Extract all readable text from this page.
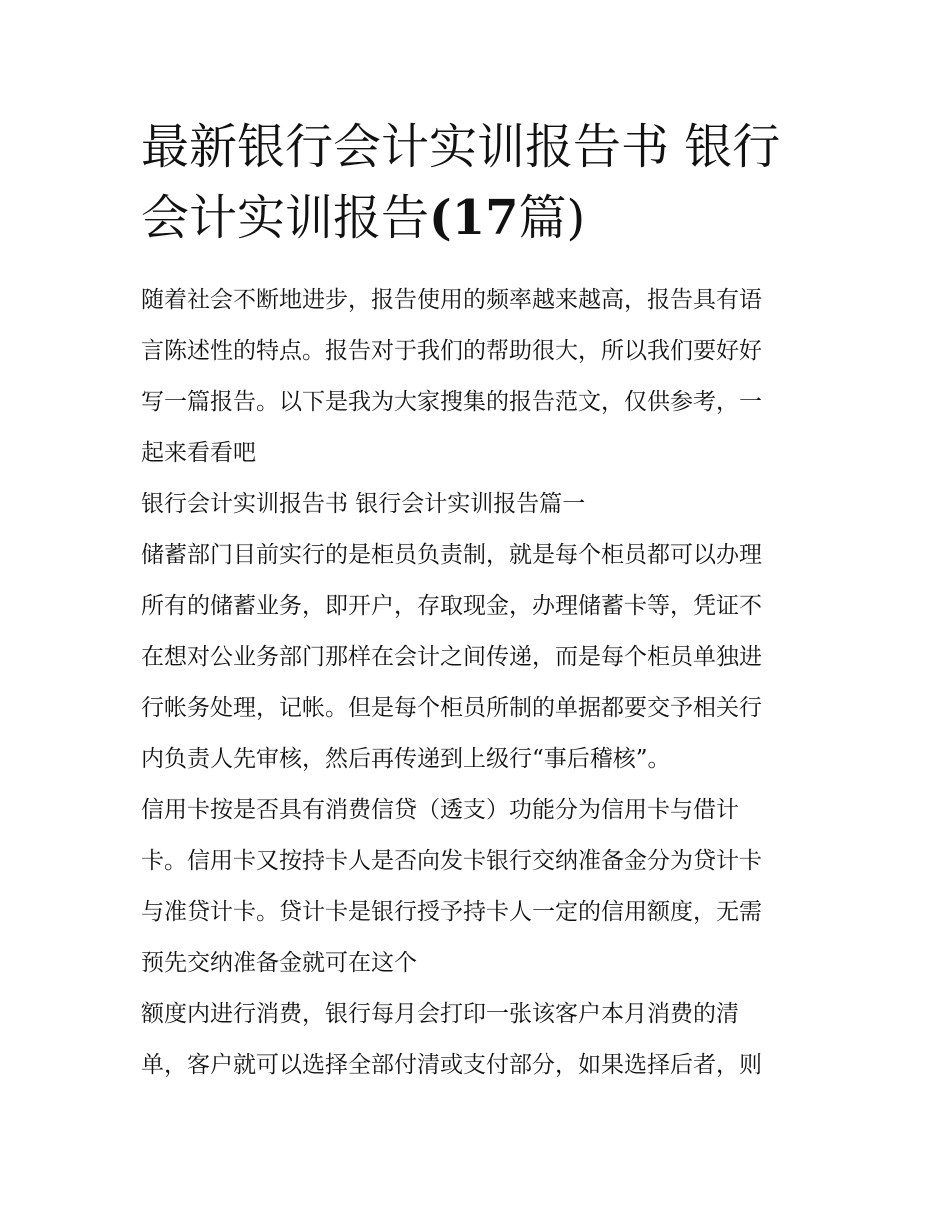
最新银行会计实训报告书 银行会计实训报告(17篇)
随着社会不断地进步，报告使用的频率越来越高，报告具有语
言陈述性的特点。报告对于我们的帮助很大，所以我们要好好
写一篇报告。以下是我为大家搜集的报告范文，仅供参考，一
起来看看吧
银行会计实训报告书 银行会计实训报告篇一
储蓄部门目前实行的是柜员负责制，就是每个柜员都可以办理
所有的储蓄业务，即开户，存取现金，办理储蓄卡等，凭证不
在想对公业务部门那样在会计之间传递，而是每个柜员单独进
行帐务处理，记帐。但是每个柜员所制的单据都要交予相关行
内负责人先审核，然后再传递到上级行“事后稽核”。
信用卡按是否具有消费信贷（透支）功能分为信用卡与借计
卡。信用卡又按持卡人是否向发卡银行交纳准备金分为贷计卡
与准贷计卡。贷计卡是银行授予持卡人一定的信用额度，无需
预先交纳准备金就可在这个
额度内进行消费，银行每月会打印一张该客户本月消费的清
单，客户就可以选择全部付清或支付部分，如果选择后者，则
